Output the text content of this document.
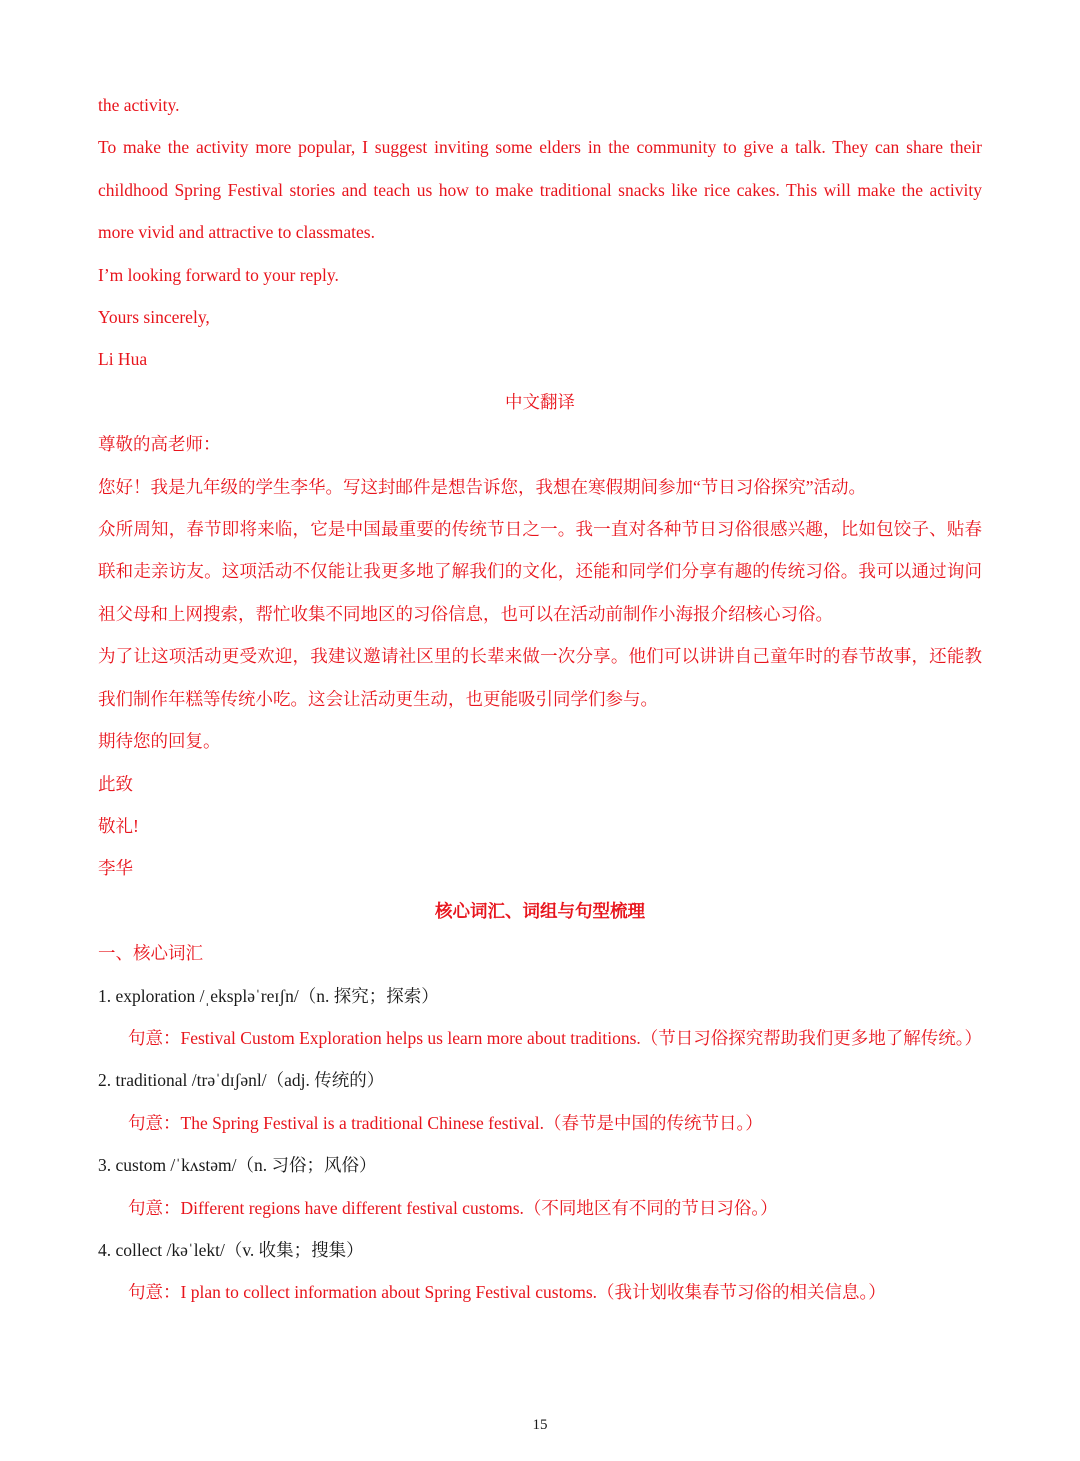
the activity.

To make the activity more popular, I suggest inviting some elders in the community to give a talk. They can share their childhood Spring Festival stories and teach us how to make traditional snacks like rice cakes. This will make the activity more vivid and attractive to classmates.

I’m looking forward to your reply.

Yours sincerely,

Li Hua

中文翻译

尊敬的高老师：

您好！我是九年级的学生李华。写这封邮件是想告诉您，我想在寒假期间参加“节日习俗探究”活动。

众所周知，春节即将来临，它是中国最重要的传统节日之一。我一直对各种节日习俗很感兴趣，比如包饺子、贴春联和走亲访友。这项活动不仅能让我更多地了解我们的文化，还能和同学们分享有趣的传统习俗。我可以通过询问祖父母和上网搜索，帮忙收集不同地区的习俗信息，也可以在活动前制作小海报介绍核心习俗。

为了让这项活动更受欢迎，我建议邀请社区里的长辈来做一次分享。他们可以讲讲自己童年时的春节故事，还能教我们制作年糕等传统小吃。这会让活动更生动，也更能吸引同学们参与。

期待您的回复。

此致

敬礼!

李华

核心词汇、词组与句型梳理

一、核心词汇

1. exploration /ˌekspləˈreɪʃn/（n. 探究；探索）

句意：Festival Custom Exploration helps us learn more about traditions.（节日习俗探究帮助我们更多地了解传统。）

2. traditional /trəˈdɪʃənl/（adj. 传统的）

句意：The Spring Festival is a traditional Chinese festival.（春节是中国的传统节日。）

3. custom /ˈkʌstəm/（n. 习俗；风俗）

句意：Different regions have different festival customs.（不同地区有不同的节日习俗。）

4. collect /kəˈlekt/（v. 收集；搜集）

句意：I plan to collect information about Spring Festival customs.（我计划收集春节习俗的相关信息。）

15
